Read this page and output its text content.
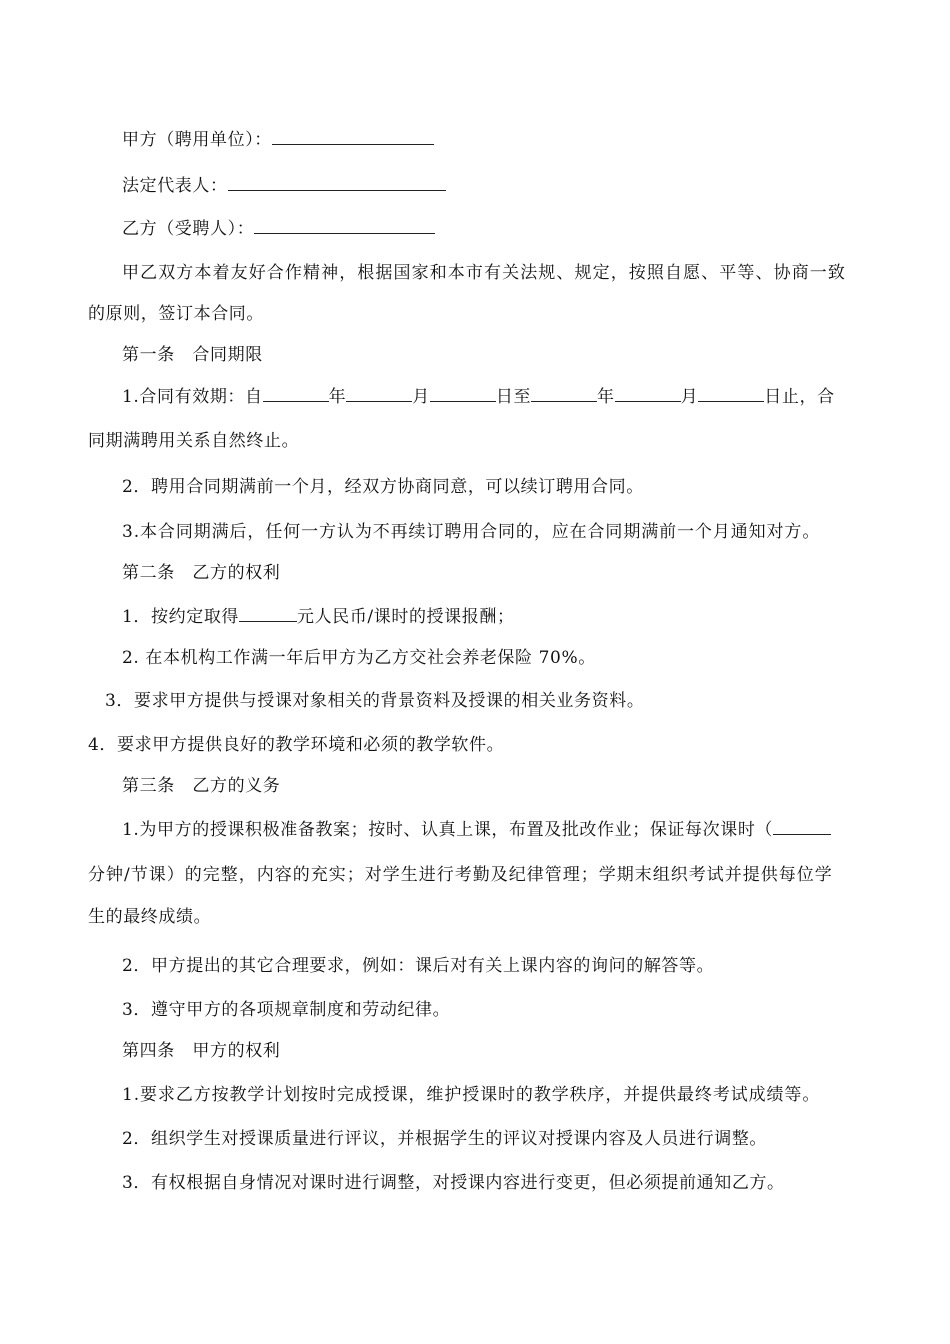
甲方（聘用单位）：
法定代表人：
乙方（受聘人）：
甲乙双方本着友好合作精神，根据国家和本市有关法规、规定，按照自愿、平等、协商一致
的原则，签订本合同。
第一条　合同期限
1.合同有效期：自	年	月	日至	年	月	日止，合
同期满聘用关系自然终止。
2．聘用合同期满前一个月，经双方协商同意，可以续订聘用合同。
3.本合同期满后，任何一方认为不再续订聘用合同的，应在合同期满前一个月通知对方。
第二条　乙方的权利
1．按约定取得	元人民币/课时的授课报酬；
2. 在本机构工作满一年后甲方为乙方交社会养老保险 70%。
3．要求甲方提供与授课对象相关的背景资料及授课的相关业务资料。
4．要求甲方提供良好的教学环境和必须的教学软件。
第三条　乙方的义务
1.为甲方的授课积极准备教案；按时、认真上课，布置及批改作业；保证每次课时（
分钟/节课）的完整，内容的充实；对学生进行考勤及纪律管理；学期末组织考试并提供每位学
生的最终成绩。
2．甲方提出的其它合理要求，例如：课后对有关上课内容的询问的解答等。
3．遵守甲方的各项规章制度和劳动纪律。
第四条　甲方的权利
1.要求乙方按教学计划按时完成授课，维护授课时的教学秩序，并提供最终考试成绩等。
2．组织学生对授课质量进行评议，并根据学生的评议对授课内容及人员进行调整。
3．有权根据自身情况对课时进行调整，对授课内容进行变更，但必须提前通知乙方。
